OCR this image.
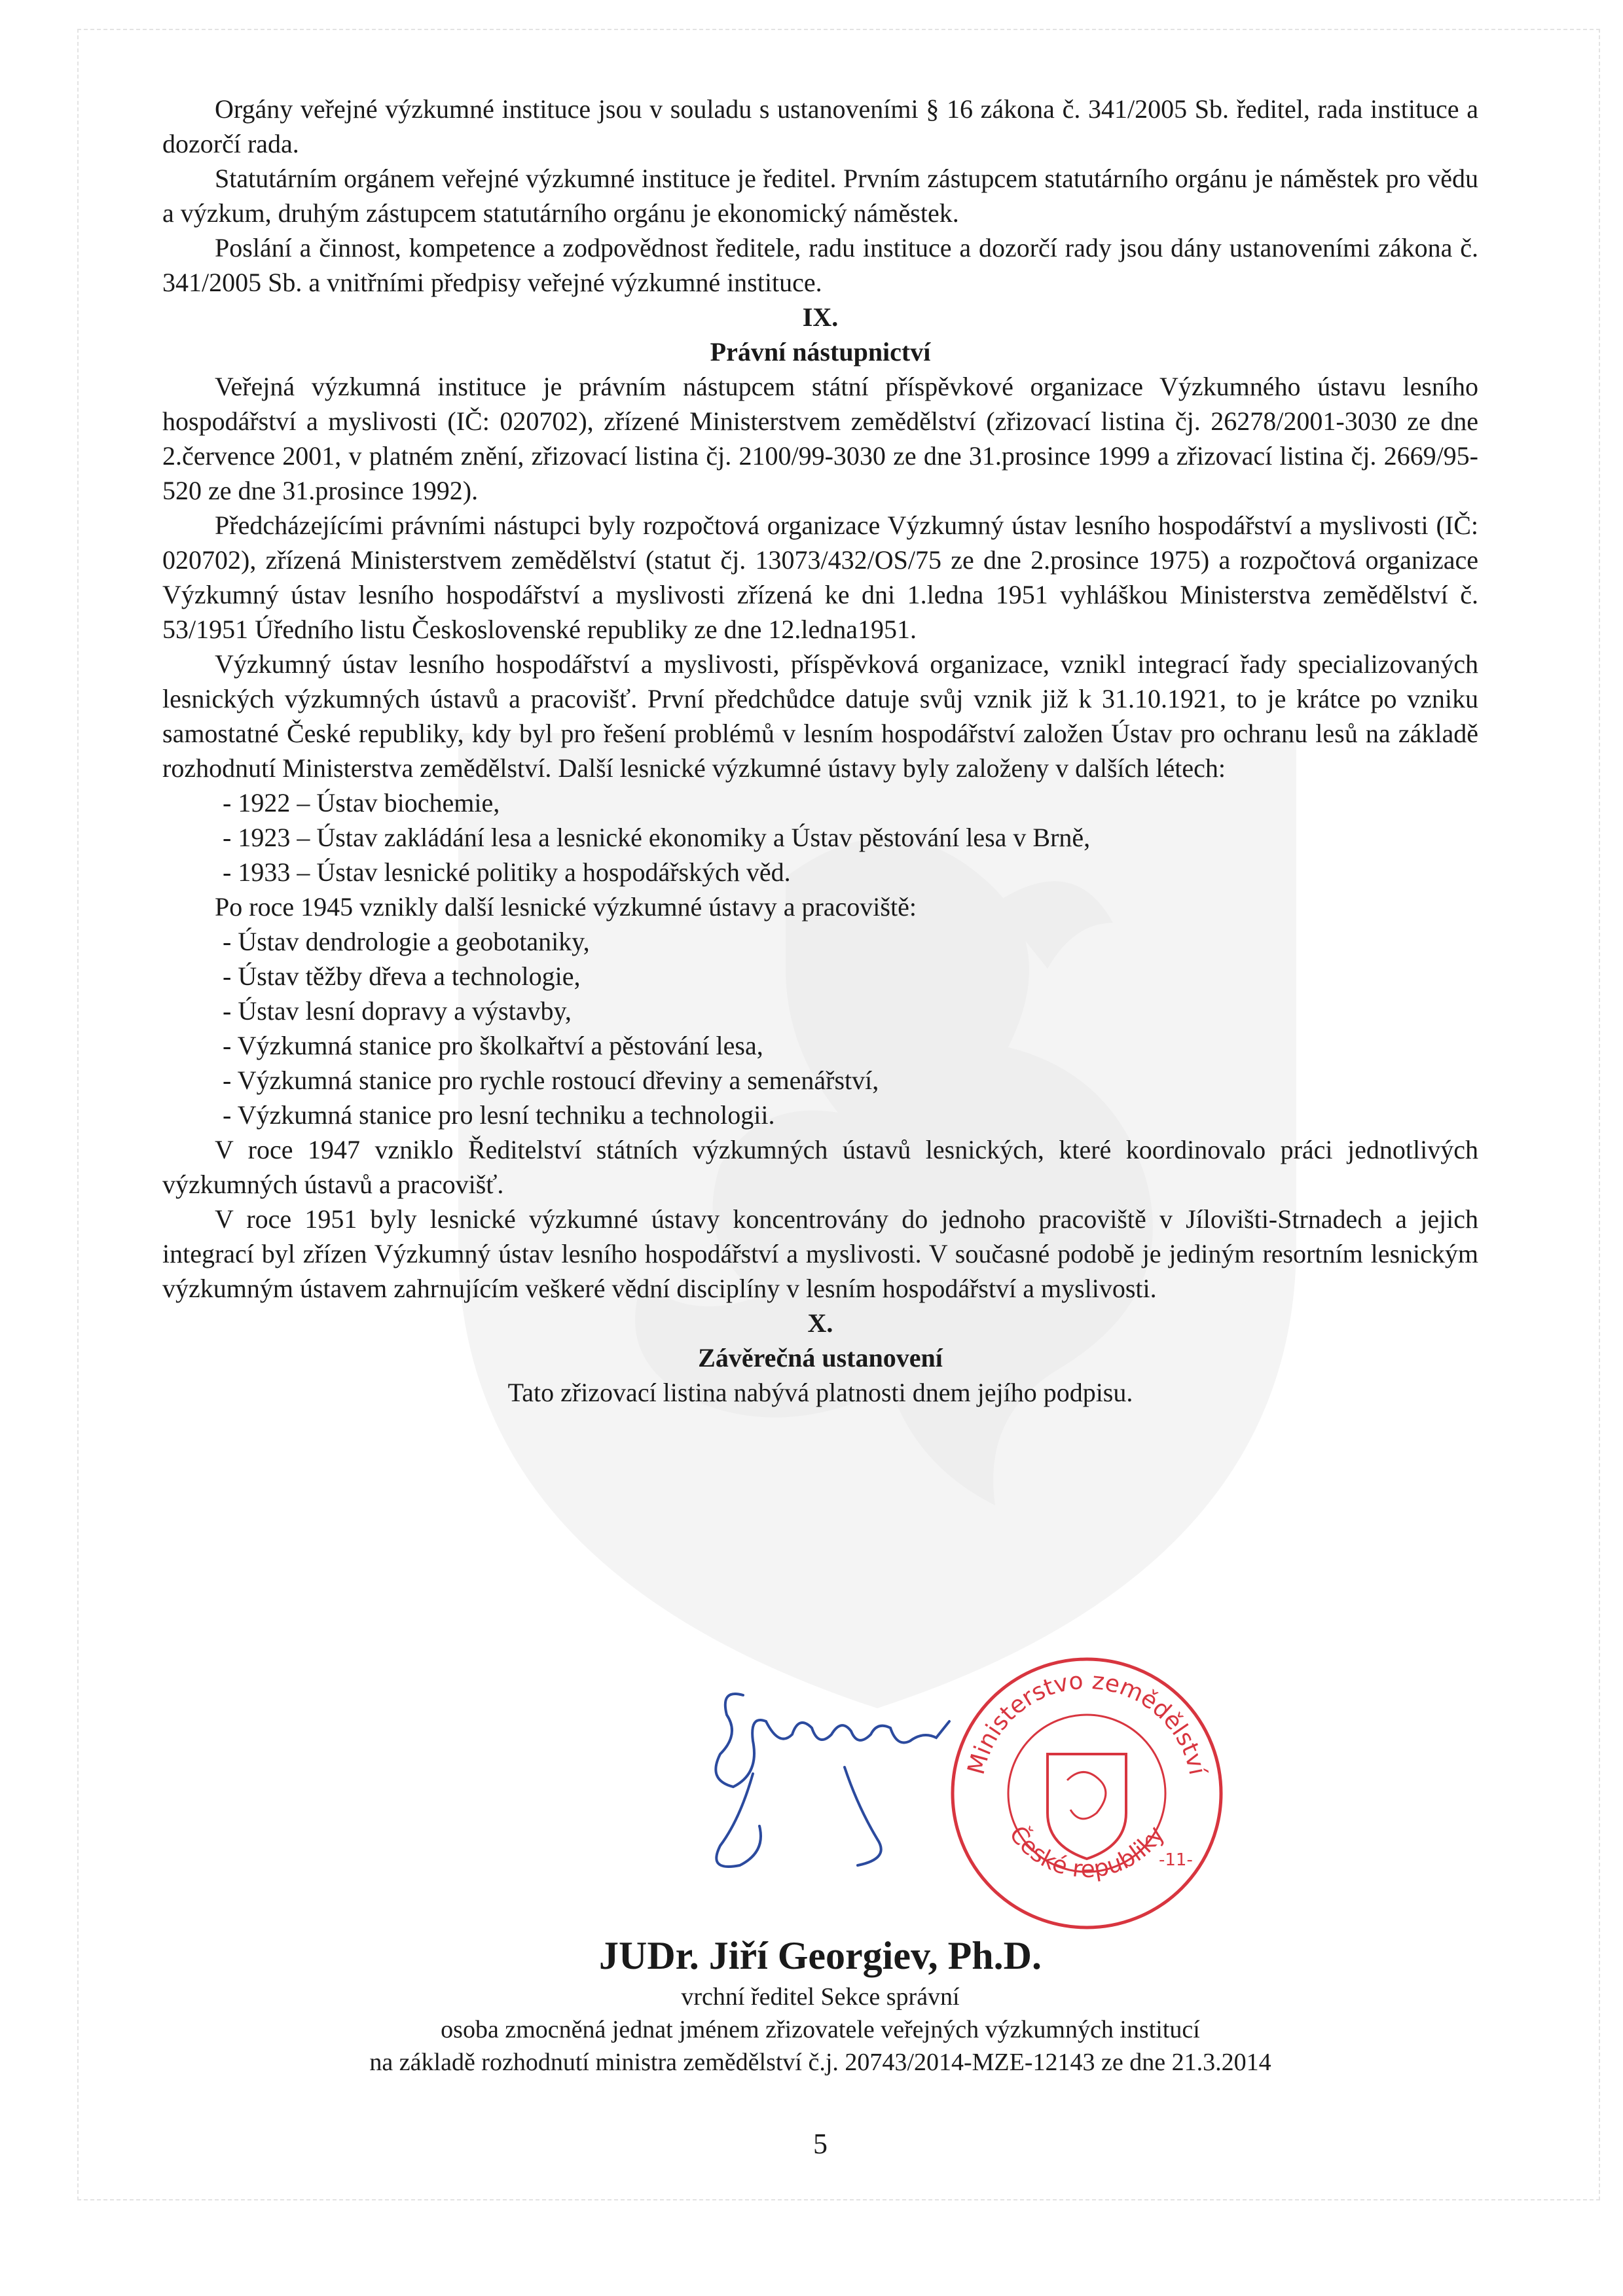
Orgány veřejné výzkumné instituce jsou v souladu s ustanoveními § 16 zákona č. 341/2005 Sb. ředitel, rada instituce a dozorčí rada.

Statutárním orgánem veřejné výzkumné instituce je ředitel. Prvním zástupcem statutárního orgánu je náměstek pro vědu a výzkum, druhým zástupcem statutárního orgánu je ekonomický náměstek.

Poslání a činnost, kompetence a zodpovědnost ředitele, radu instituce a dozorčí rady jsou dány ustanoveními zákona č. 341/2005 Sb. a vnitřními předpisy veřejné výzkumné instituce.

IX.

Právní nástupnictví

Veřejná výzkumná instituce je právním nástupcem státní příspěvkové organizace Výzkumného ústavu lesního hospodářství a myslivosti (IČ: 020702), zřízené Ministerstvem zemědělství (zřizovací listina čj. 26278/2001-3030 ze dne 2.července 2001, v platném znění, zřizovací listina čj. 2100/99-3030 ze dne 31.prosince 1999 a zřizovací listina čj. 2669/95-520 ze dne 31.prosince 1992).

Předcházejícími právními nástupci byly rozpočtová organizace Výzkumný ústav lesního hospodářství a myslivosti (IČ: 020702), zřízená Ministerstvem zemědělství (statut čj. 13073/432/OS/75 ze dne 2.prosince 1975) a rozpočtová organizace Výzkumný ústav lesního hospodářství a myslivosti zřízená ke dni 1.ledna 1951 vyhláškou Ministerstva zemědělství č. 53/1951 Úředního listu Československé republiky ze dne 12.ledna1951.

Výzkumný ústav lesního hospodářství a myslivosti, příspěvková organizace, vznikl integrací řady specializovaných lesnických výzkumných ústavů a pracovišť. První předchůdce datuje svůj vznik již k 31.10.1921, to je krátce po vzniku samostatné České republiky, kdy byl pro řešení problémů v lesním hospodářství založen Ústav pro ochranu lesů na základě rozhodnutí Ministerstva zemědělství. Další lesnické výzkumné ústavy byly založeny v dalších létech:

- 1922 – Ústav biochemie,
- 1923 – Ústav zakládání lesa a lesnické ekonomiky a Ústav pěstování lesa v Brně,
- 1933 – Ústav lesnické politiky a hospodářských věd.

Po roce 1945 vznikly další lesnické výzkumné ústavy a pracoviště:

- Ústav dendrologie a geobotaniky,
- Ústav těžby dřeva a technologie,
- Ústav lesní dopravy a výstavby,
- Výzkumná stanice pro školkařtví a pěstování lesa,
- Výzkumná stanice pro rychle rostoucí dřeviny a semenářství,
- Výzkumná stanice pro lesní techniku a technologii.

V roce 1947 vzniklo Ředitelství státních výzkumných ústavů lesnických, které koordinovalo práci jednotlivých výzkumných ústavů a pracovišť.

V roce 1951 byly lesnické výzkumné ústavy koncentrovány do jednoho pracoviště v Jílovišti-Strnadech a jejich integrací byl zřízen Výzkumný ústav lesního hospodářství a myslivosti. V současné podobě je jediným resortním lesnickým výzkumným ústavem zahrnujícím veškeré vědní disciplíny v lesním hospodářství a myslivosti.

X.

Závěrečná ustanovení

Tato zřizovací listina nabývá platnosti dnem jejího podpisu.

Ministerstvo zemědělství
České republiky
-11-
JUDr. Jiří Georgiev, Ph.D.
vrchní ředitel Sekce správní
osoba zmocněná jednat jménem zřizovatele veřejných výzkumných institucí
na základě rozhodnutí ministra zemědělství č.j. 20743/2014-MZE-12143 ze dne 21.3.2014
5
